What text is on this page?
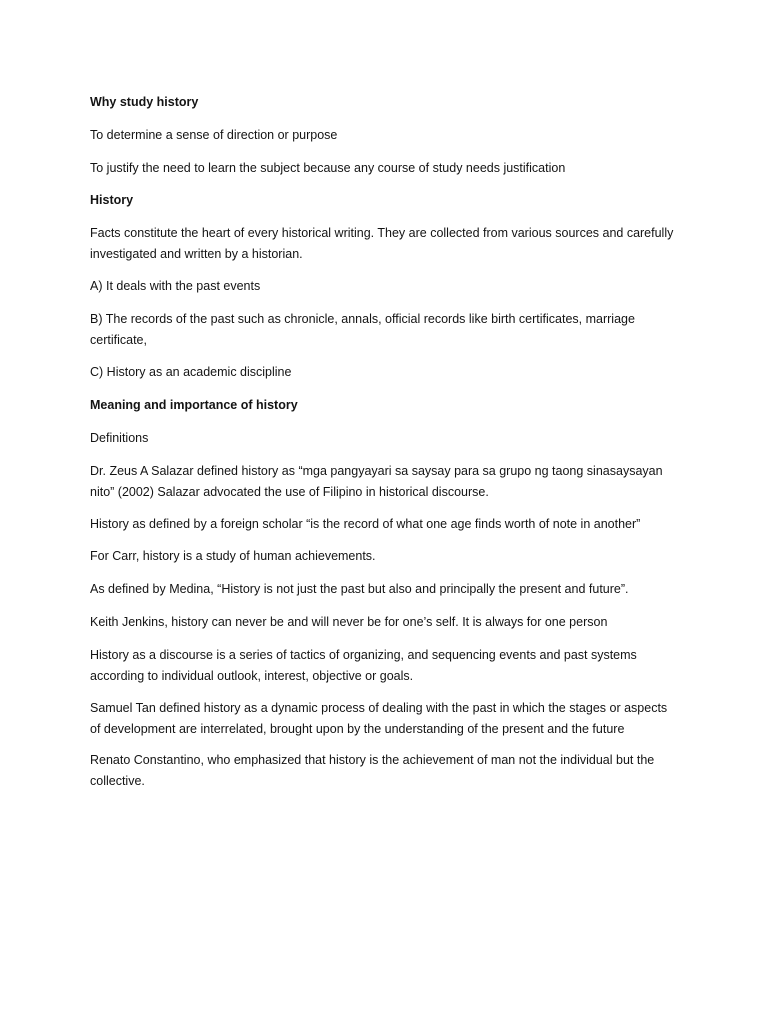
Why study history

To determine a sense of direction or purpose

To justify the need to learn the subject because any course of study needs justification

History

Facts constitute the heart of every historical writing. They are collected from various sources and carefully investigated and written by a historian.

A) It deals with the past events

B) The records of the past such as chronicle, annals, official records like birth certificates, marriage certificate,

C) History as an academic discipline

Meaning and importance of history

Definitions

Dr. Zeus A Salazar defined history as “mga pangyayari sa saysay para sa grupo ng taong sinasaysayan nito” (2002) Salazar advocated the use of Filipino in historical discourse.

History as defined by a foreign scholar “is the record of what one age finds worth of note in another”

For Carr, history is a study of human achievements.

As defined by Medina, “History is not just the past but also and principally the present and future”.

Keith Jenkins, history can never be and will never be for one’s self. It is always for one person

History as a discourse is a series of tactics of organizing, and sequencing events and past systems according to individual outlook, interest, objective or goals.

Samuel Tan defined history as a dynamic process of dealing with the past in which the stages or aspects of development are interrelated, brought upon by the understanding of the present and the future

Renato Constantino, who emphasized that history is the achievement of man not the individual but the collective.
